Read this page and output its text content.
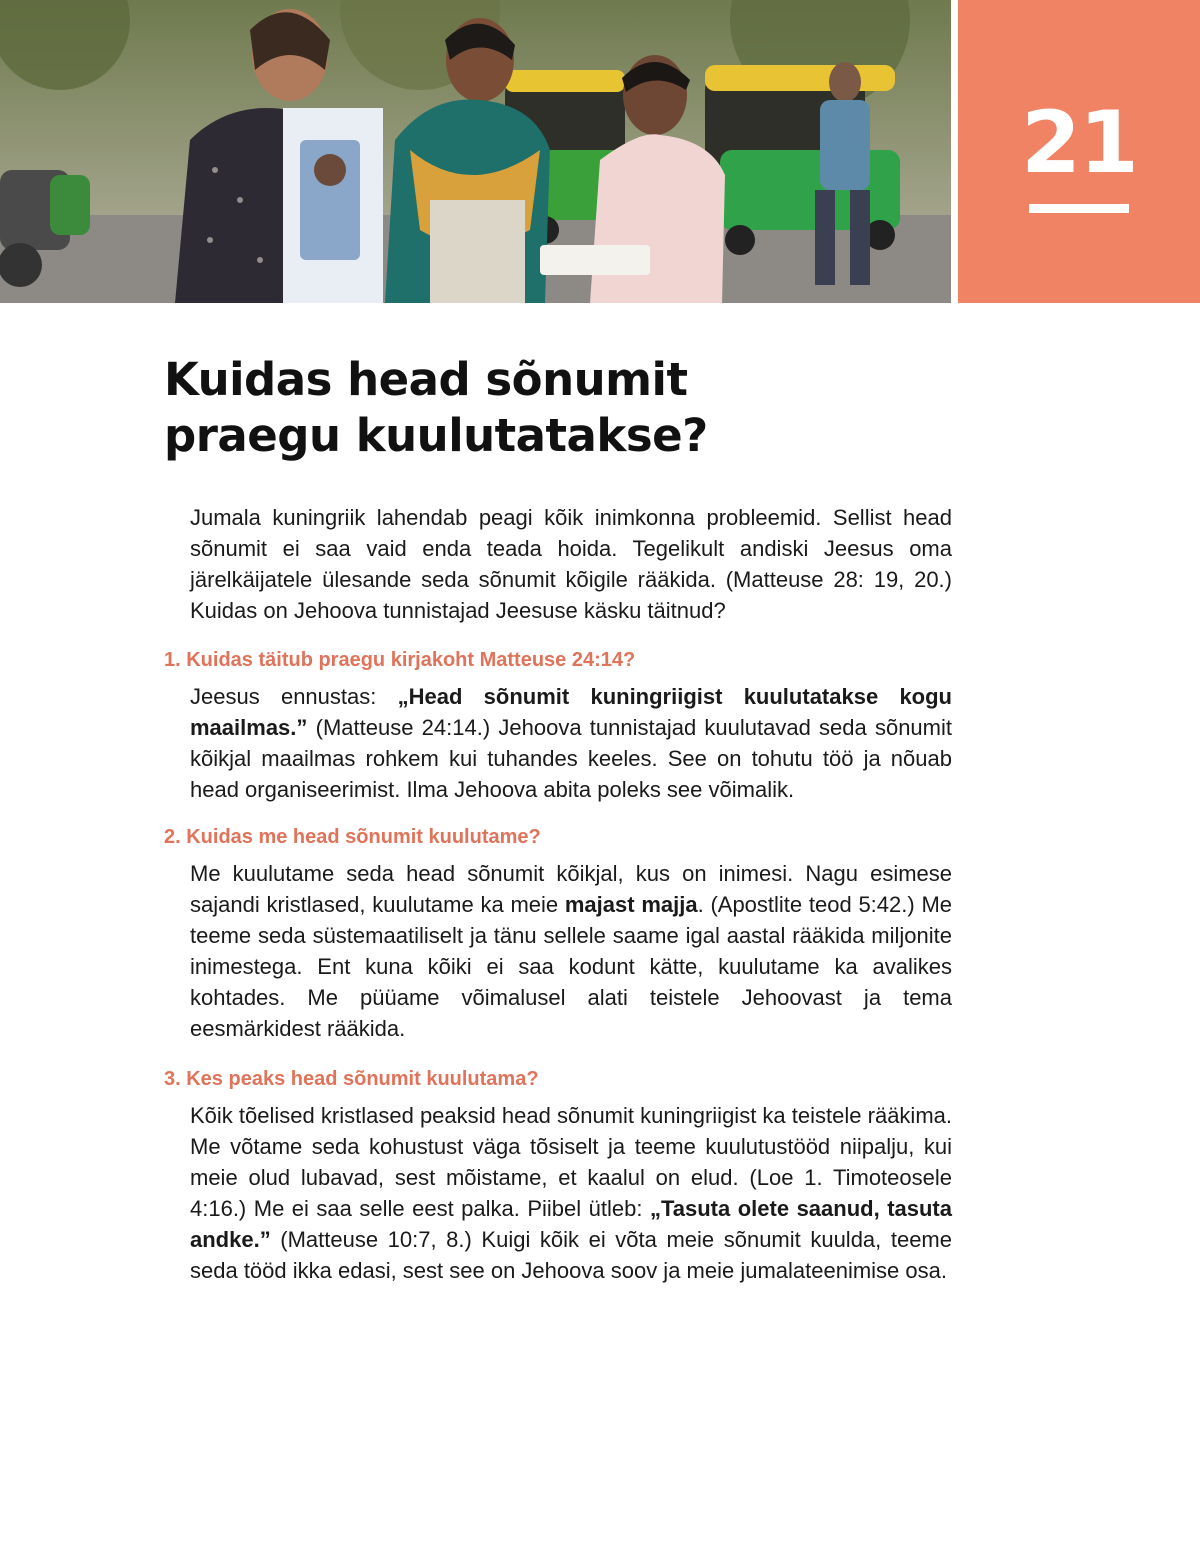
21
Kuidas head sõnumit
praegu kuulutatakse?

Jumala kuningriik lahendab peagi kõik inimkonna probleemid. Sellist head sõnumit ei saa vaid enda teada hoida. Tegelikult andiski Jeesus oma järelkäijatele ülesande seda sõnumit kõigile rääkida. (Matteuse 28: 19, 20.) Kuidas on Jehoova tunnistajad Jeesuse käsku täitnud?

1. Kuidas täitub praegu kirjakoht Matteuse 24:14?

Jeesus ennustas: „Head sõnumit kuningriigist kuulutatakse kogu maailmas.” (Matteuse 24:14.) Jehoova tunnistajad kuulutavad seda sõnumit kõikjal maailmas rohkem kui tuhandes keeles. See on tohutu töö ja nõuab head organiseerimist. Ilma Jehoova abita poleks see võimalik.

2. Kuidas me head sõnumit kuulutame?

Me kuulutame seda head sõnumit kõikjal, kus on inimesi. Nagu esimese sajandi kristlased, kuulutame ka meie majast majja. (Apostlite teod 5:42.) Me teeme seda süstemaatiliselt ja tänu sellele saame igal aastal rääkida miljonite inimestega. Ent kuna kõiki ei saa kodunt kätte, kuulutame ka avalikes kohtades. Me püüame võimalusel alati teistele Jehoovast ja tema eesmärkidest rääkida.

3. Kes peaks head sõnumit kuulutama?

Kõik tõelised kristlased peaksid head sõnumit kuningriigist ka teistele rääkima. Me võtame seda kohustust väga tõsiselt ja teeme kuulutustööd niipalju, kui meie olud lubavad, sest mõistame, et kaalul on elud. (Loe 1. Timoteosele 4:16.) Me ei saa selle eest palka. Piibel ütleb: „Tasuta olete saanud, tasuta andke.” (Matteuse 10:7, 8.) Kuigi kõik ei võta meie sõnumit kuulda, teeme seda tööd ikka edasi, sest see on Jehoova soov ja meie jumalateenimise osa.
